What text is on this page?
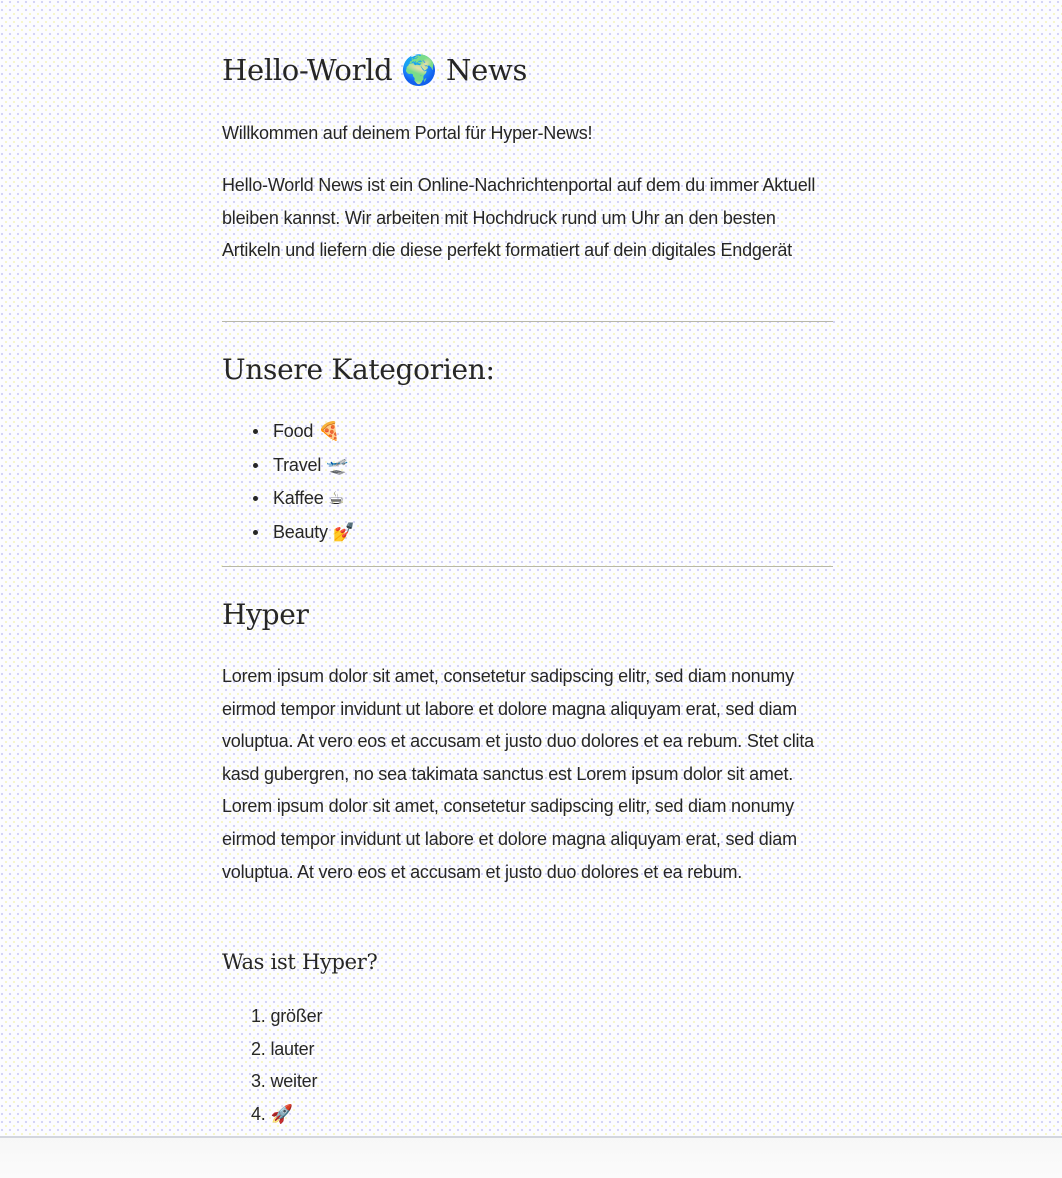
Hello-World 🌍 News

Willkommen auf deinem Portal für Hyper-News!

Hello-World News ist ein Online-Nachrichtenportal auf dem du immer Aktuell bleiben kannst. Wir arbeiten mit Hochdruck rund um Uhr an den besten Artikeln und liefern die diese perfekt formatiert auf dein digitales Endgerät

Unsere Kategorien:
Food 🍕
Travel 🛫
Kaffee ☕
Beauty 💅
Hyper

Lorem ipsum dolor sit amet, consetetur sadipscing elitr, sed diam nonumy eirmod tempor invidunt ut labore et dolore magna aliquyam erat, sed diam voluptua. At vero eos et accusam et justo duo dolores et ea rebum. Stet clita kasd gubergren, no sea takimata sanctus est Lorem ipsum dolor sit amet. Lorem ipsum dolor sit amet, consetetur sadipscing elitr, sed diam nonumy eirmod tempor invidunt ut labore et dolore magna aliquyam erat, sed diam voluptua. At vero eos et accusam et justo duo dolores et ea rebum.

Was ist Hyper?
1. größer
2. lauter
3. weiter
4. 🚀
